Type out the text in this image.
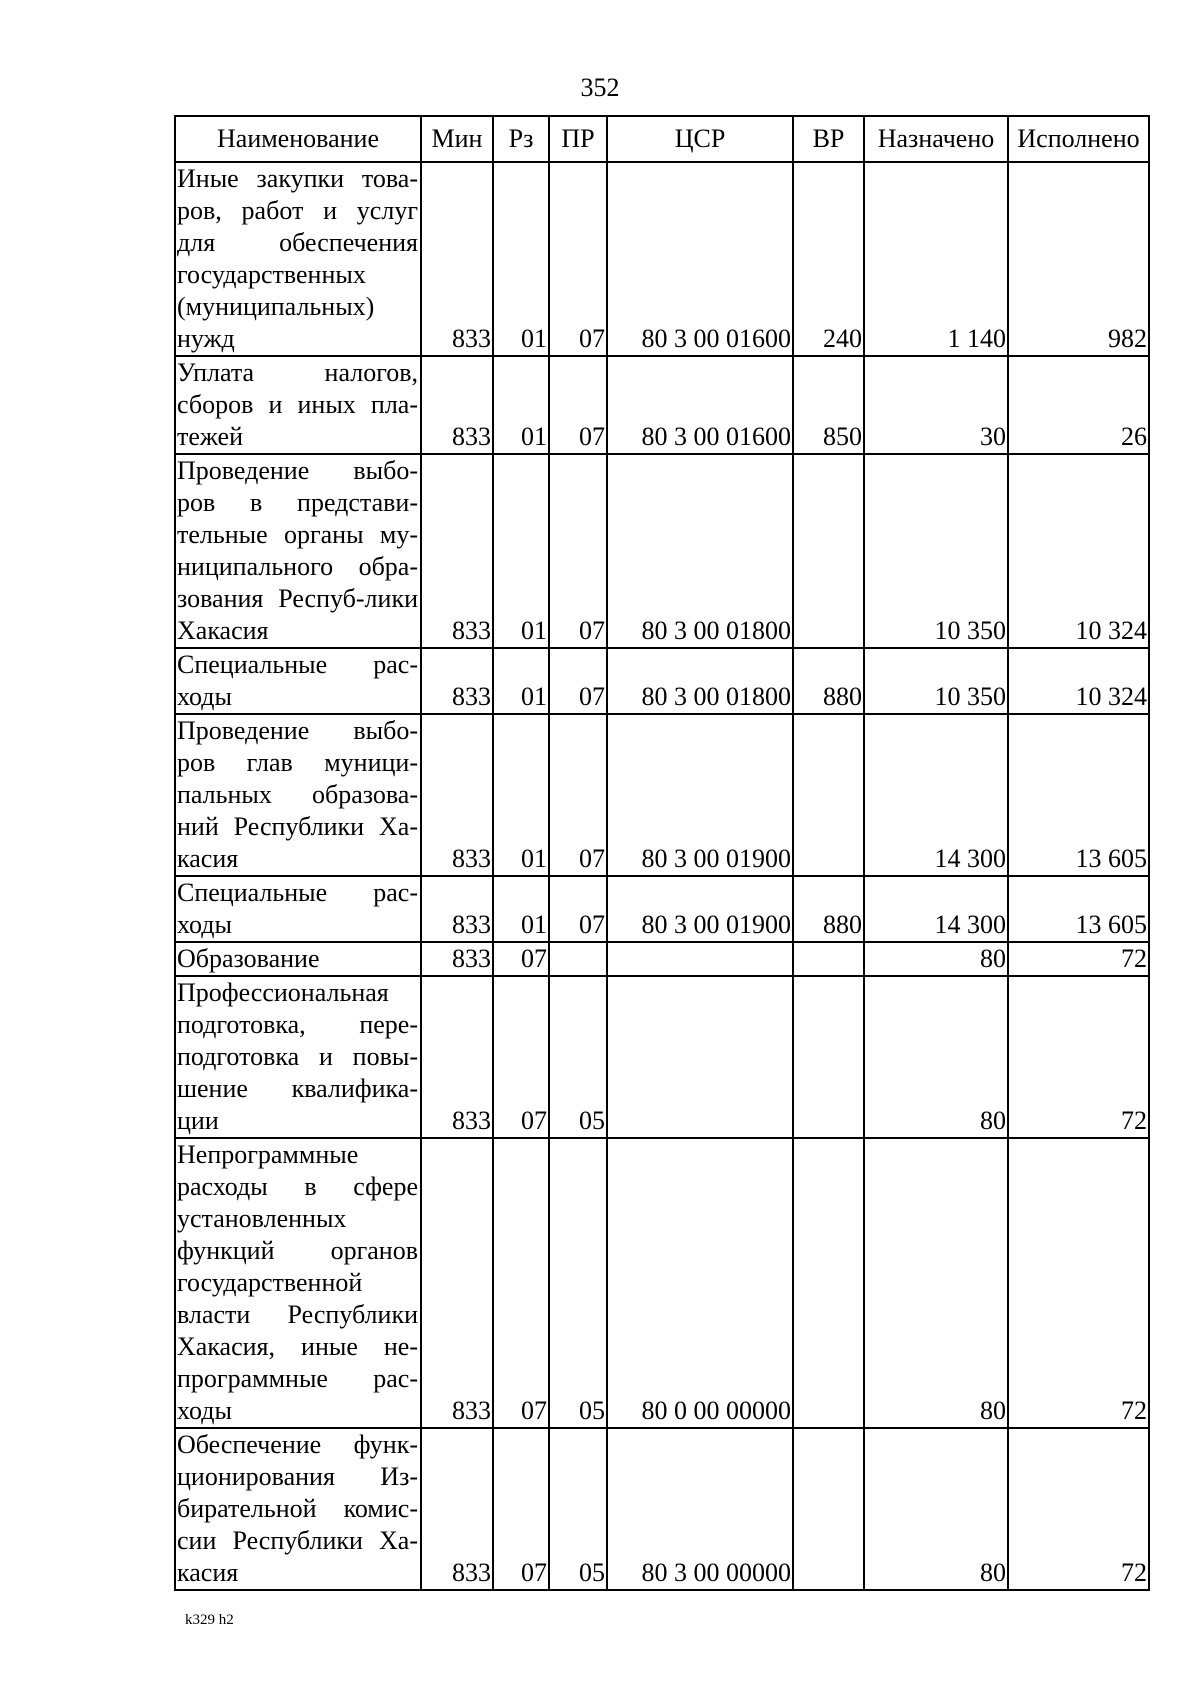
352
Наименование	Мин	Рз	ПР	ЦСР	ВР	Назначено	Исполнено
Иные закупки това-ров, работ и услуг для обеспечения государственных (муниципальных) нужд	833	01	07	80 3 00 01600	240	1 140	982
Уплата налогов, сборов и иных пла-тежей	833	01	07	80 3 00 01600	850	30	26
Проведение выбо-ров в представи-тельные органы му-ниципального обра-зования Респуб-лики Хакасия	833	01	07	80 3 00 01800		10 350	10 324
Специальные рас-ходы	833	01	07	80 3 00 01800	880	10 350	10 324
Проведение выбо-ров глав муници-пальных образова-ний Республики Ха-касия	833	01	07	80 3 00 01900		14 300	13 605
Специальные рас-ходы	833	01	07	80 3 00 01900	880	14 300	13 605
Образование	833	07				80	72
Профессиональная подготовка, пере-подготовка и повы-шение квалифика-ции	833	07	05			80	72
Непрограммные расходы в сфере установленных функций органов государственной власти Республики Хакасия, иные не-программные рас-ходы	833	07	05	80 0 00 00000		80	72
Обеспечение функ-ционирования Из-бирательной комис-сии Республики Ха-касия	833	07	05	80 3 00 00000		80	72
k329 h2
